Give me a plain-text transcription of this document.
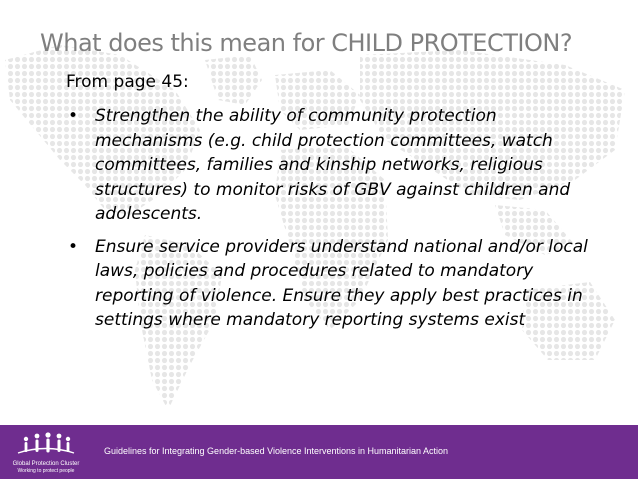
What does this mean for CHILD PROTECTION?
From page 45:
• Strengthen the ability of community protection mechanisms (e.g. child protection committees, watch committees, families and kinship networks, religious structures) to monitor risks of GBV against children and adolescents.
• Ensure service providers understand national and/or local laws, policies and procedures related to mandatory reporting of violence. Ensure they apply best practices in settings where mandatory reporting systems exist
Global Protection Cluster
Working to protect people
Guidelines for Integrating Gender-based Violence Interventions in Humanitarian Action
